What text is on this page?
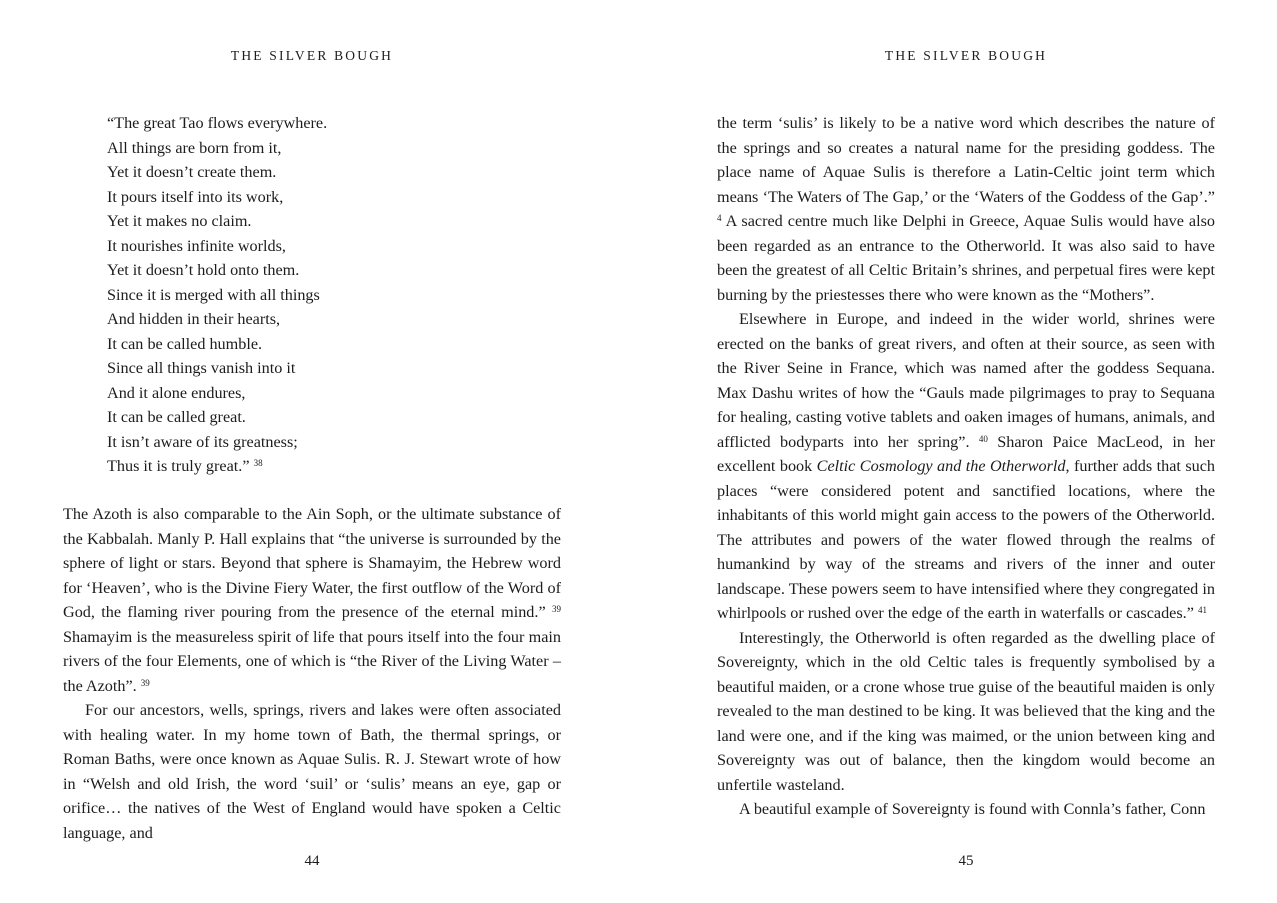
THE SILVER BOUGH
“The great Tao flows everywhere.
All things are born from it,
Yet it doesn’t create them.
It pours itself into its work,
Yet it makes no claim.
It nourishes infinite worlds,
Yet it doesn’t hold onto them.
Since it is merged with all things
And hidden in their hearts,
It can be called humble.
Since all things vanish into it
And it alone endures,
It can be called great.
It isn’t aware of its greatness;
Thus it is truly great.” $^{38}$

The Azoth is also comparable to the Ain Soph, or the ultimate substance of the Kabbalah. Manly P. Hall explains that “the universe is surrounded by the sphere of light or stars. Beyond that sphere is Shamayim, the Hebrew word for ‘Heaven’, who is the Divine Fiery Water, the first outflow of the Word of God, the flaming river pouring from the presence of the eternal mind.” $^{39}$ Shamayim is the measureless spirit of life that pours itself into the four main rivers of the four Elements, one of which is “the River of the Living Water – the Azoth”. $^{39}$

For our ancestors, wells, springs, rivers and lakes were often associated with healing water. In my home town of Bath, the thermal springs, or Roman Baths, were once known as Aquae Sulis. R. J. Stewart wrote of how in “Welsh and old Irish, the word ‘suil’ or ‘sulis’ means an eye, gap or orifice… the natives of the West of England would have spoken a Celtic language, and

44
THE SILVER BOUGH

the term ‘sulis’ is likely to be a native word which describes the nature of the springs and so creates a natural name for the presiding goddess. The place name of Aquae Sulis is therefore a Latin-Celtic joint term which means ‘The Waters of The Gap,’ or the ‘Waters of the Goddess of the Gap’.” $^4$ A sacred centre much like Delphi in Greece, Aquae Sulis would have also been regarded as an entrance to the Otherworld. It was also said to have been the greatest of all Celtic Britain’s shrines, and perpetual fires were kept burning by the priestesses there who were known as the “Mothers”.

Elsewhere in Europe, and indeed in the wider world, shrines were erected on the banks of great rivers, and often at their source, as seen with the River Seine in France, which was named after the goddess Sequana. Max Dashu writes of how the “Gauls made pilgrimages to pray to Sequana for healing, casting votive tablets and oaken images of humans, animals, and afflicted bodyparts into her spring”. $^{40}$ Sharon Paice MacLeod, in her excellent book Celtic Cosmology and the Otherworld, further adds that such places “were considered potent and sanctified locations, where the inhabitants of this world might gain access to the powers of the Otherworld. The attributes and powers of the water flowed through the realms of humankind by way of the streams and rivers of the inner and outer landscape. These powers seem to have intensified where they congregated in whirlpools or rushed over the edge of the earth in waterfalls or cascades.” $^{41}$

Interestingly, the Otherworld is often regarded as the dwelling place of Sovereignty, which in the old Celtic tales is frequently symbolised by a beautiful maiden, or a crone whose true guise of the beautiful maiden is only revealed to the man destined to be king. It was believed that the king and the land were one, and if the king was maimed, or the union between king and Sovereignty was out of balance, then the kingdom would become an unfertile wasteland.

A beautiful example of Sovereignty is found with Connla’s father, Conn

45
